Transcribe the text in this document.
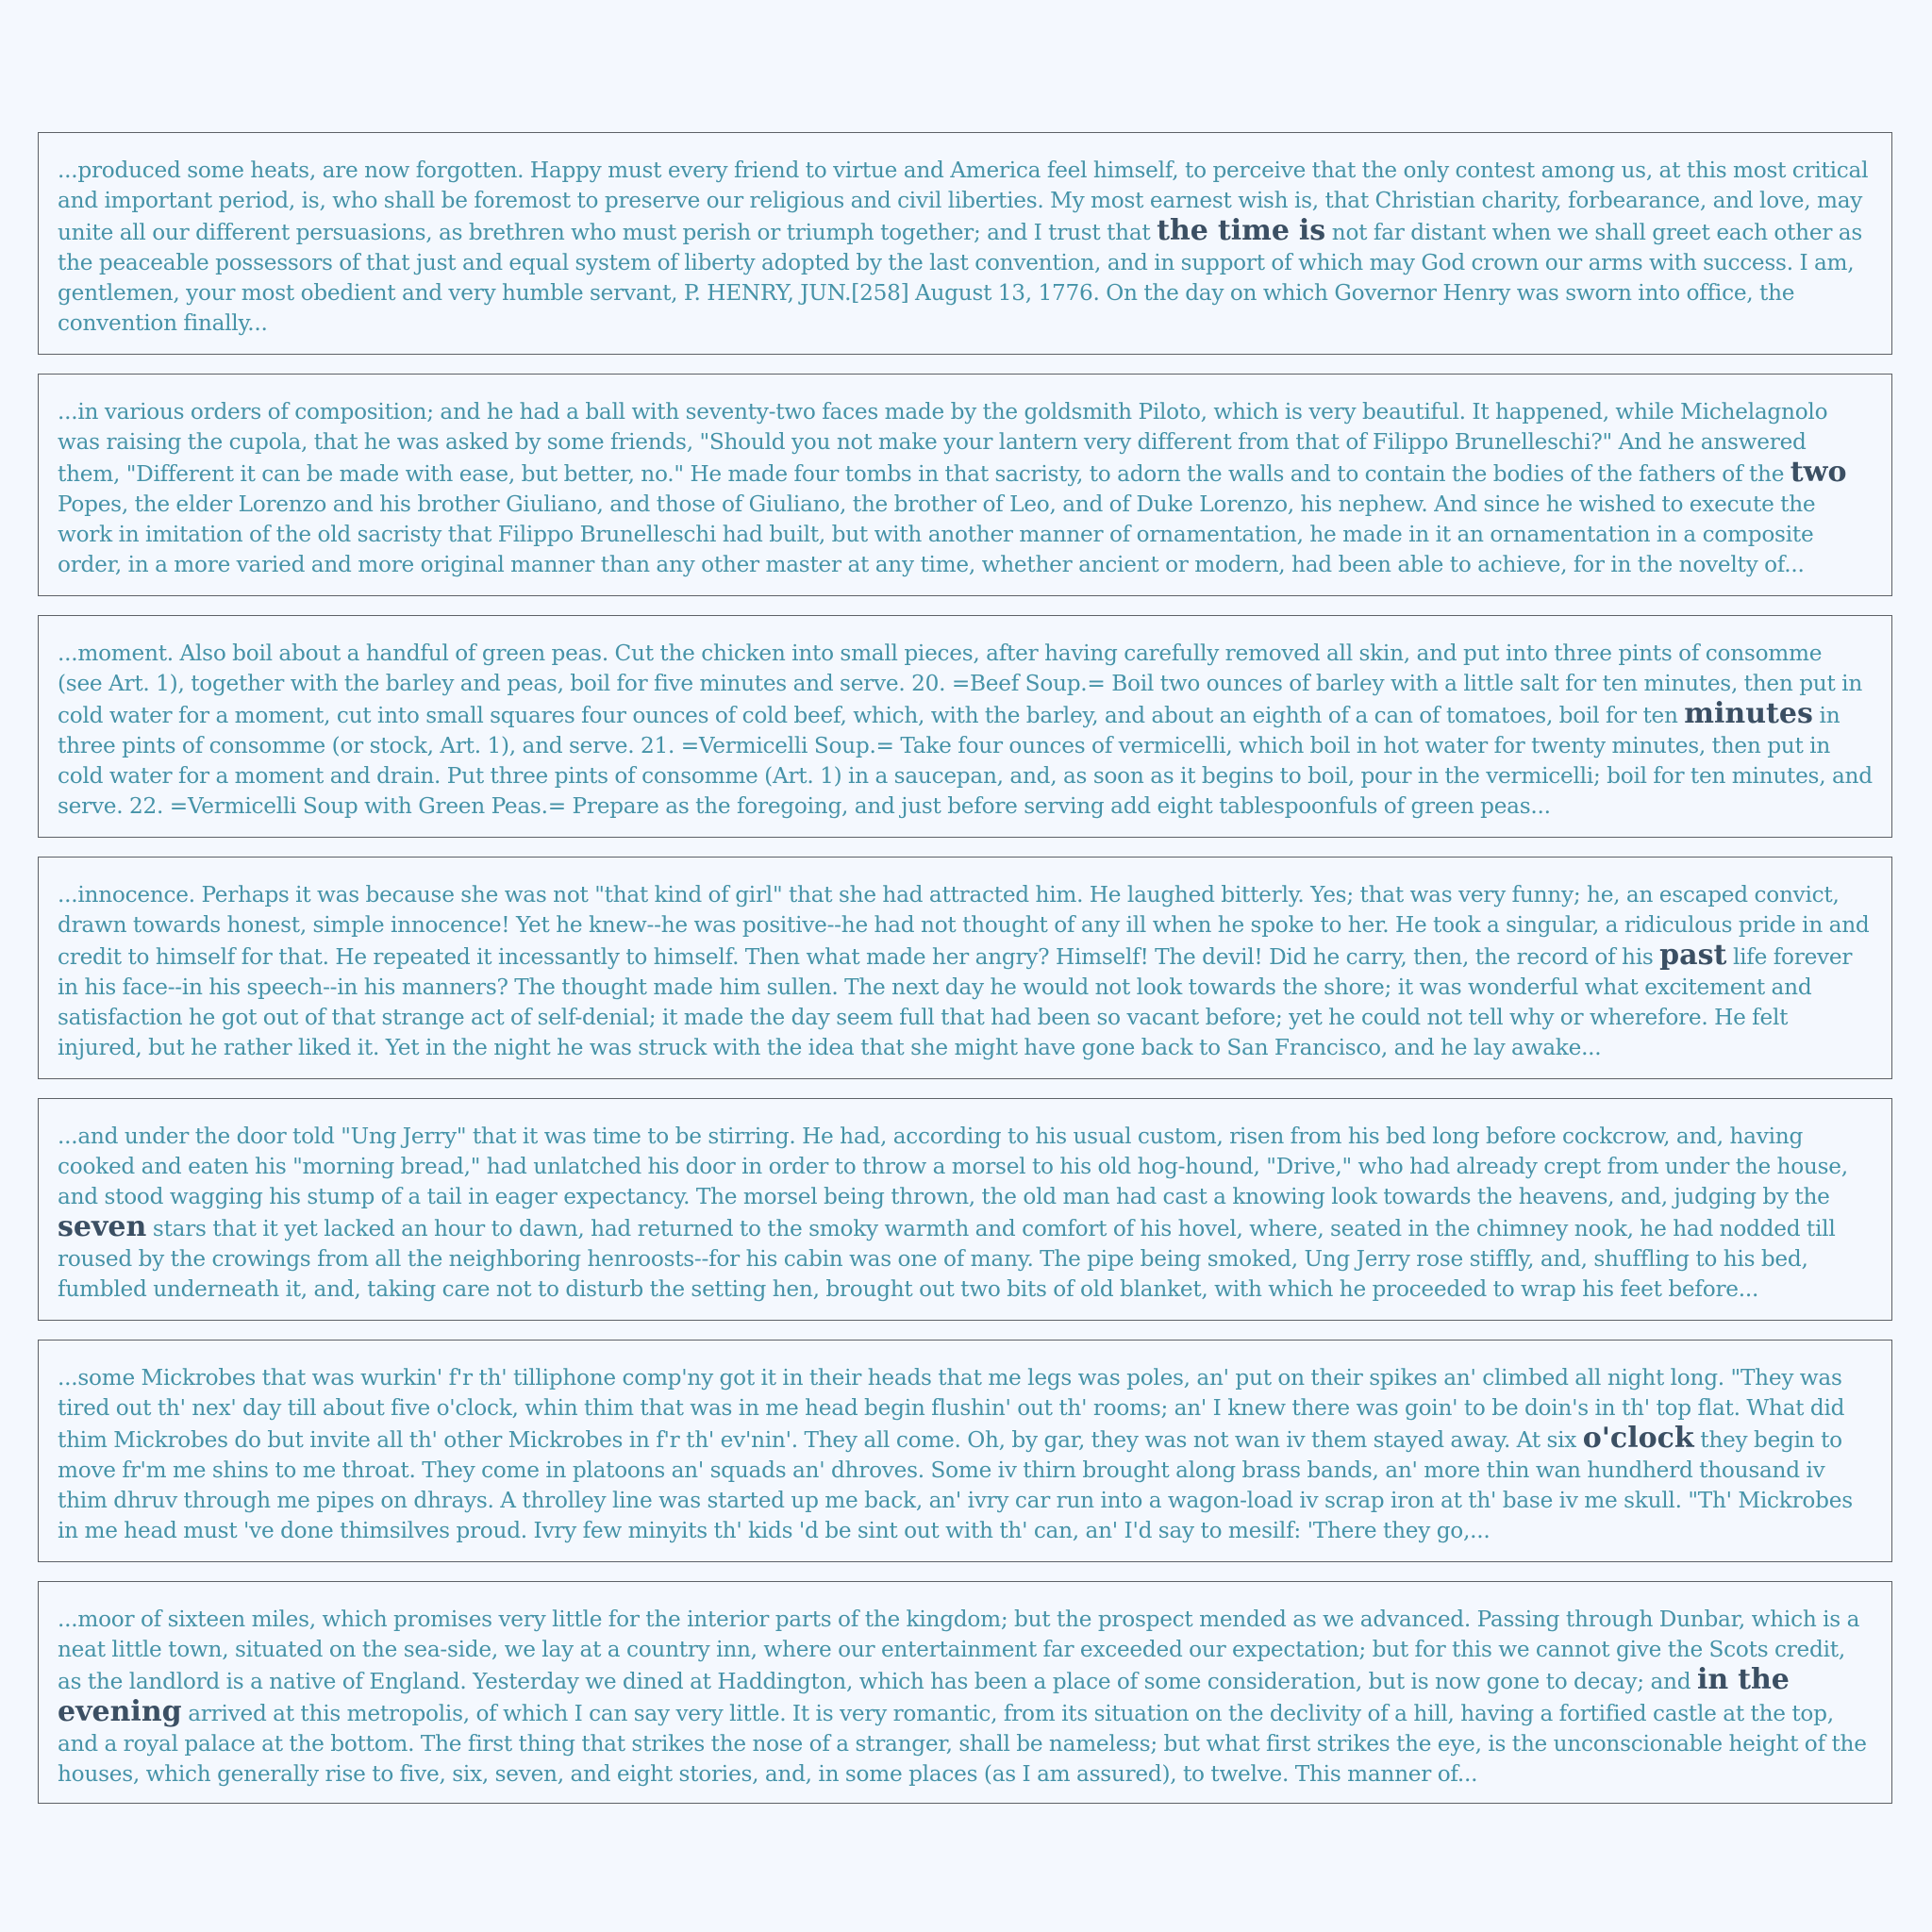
...produced some heats, are now forgotten. Happy must every friend to virtue and America feel himself, to perceive that the only contest among us, at this most critical and important period, is, who shall be foremost to preserve our religious and civil liberties. My most earnest wish is, that Christian charity, forbearance, and love, may unite all our different persuasions, as brethren who must perish or triumph together; and I trust that the time is not far distant when we shall greet each other as the peaceable possessors of that just and equal system of liberty adopted by the last convention, and in support of which may God crown our arms with success. I am, gentlemen, your most obedient and very humble servant, P. HENRY, JUN.[258] August 13, 1776. On the day on which Governor Henry was sworn into office, the convention finally...

...in various orders of composition; and he had a ball with seventy-two faces made by the goldsmith Piloto, which is very beautiful. It happened, while Michelagnolo was raising the cupola, that he was asked by some friends, "Should you not make your lantern very different from that of Filippo Brunelleschi?" And he answered them, "Different it can be made with ease, but better, no." He made four tombs in that sacristy, to adorn the walls and to contain the bodies of the fathers of the two Popes, the elder Lorenzo and his brother Giuliano, and those of Giuliano, the brother of Leo, and of Duke Lorenzo, his nephew. And since he wished to execute the work in imitation of the old sacristy that Filippo Brunelleschi had built, but with another manner of ornamentation, he made in it an ornamentation in a composite order, in a more varied and more original manner than any other master at any time, whether ancient or modern, had been able to achieve, for in the novelty of...

...moment. Also boil about a handful of green peas. Cut the chicken into small pieces, after having carefully removed all skin, and put into three pints of consomme (see Art. 1), together with the barley and peas, boil for five minutes and serve. 20. =Beef Soup.= Boil two ounces of barley with a little salt for ten minutes, then put in cold water for a moment, cut into small squares four ounces of cold beef, which, with the barley, and about an eighth of a can of tomatoes, boil for ten minutes in three pints of consomme (or stock, Art. 1), and serve. 21. =Vermicelli Soup.= Take four ounces of vermicelli, which boil in hot water for twenty minutes, then put in cold water for a moment and drain. Put three pints of consomme (Art. 1) in a saucepan, and, as soon as it begins to boil, pour in the vermicelli; boil for ten minutes, and serve. 22. =Vermicelli Soup with Green Peas.= Prepare as the foregoing, and just before serving add eight tablespoonfuls of green peas...

...innocence. Perhaps it was because she was not "that kind of girl" that she had attracted him. He laughed bitterly. Yes; that was very funny; he, an escaped convict, drawn towards honest, simple innocence! Yet he knew--he was positive--he had not thought of any ill when he spoke to her. He took a singular, a ridiculous pride in and credit to himself for that. He repeated it incessantly to himself. Then what made her angry? Himself! The devil! Did he carry, then, the record of his past life forever in his face--in his speech--in his manners? The thought made him sullen. The next day he would not look towards the shore; it was wonderful what excitement and satisfaction he got out of that strange act of self-denial; it made the day seem full that had been so vacant before; yet he could not tell why or wherefore. He felt injured, but he rather liked it. Yet in the night he was struck with the idea that she might have gone back to San Francisco, and he lay awake...

...and under the door told "Ung Jerry" that it was time to be stirring. He had, according to his usual custom, risen from his bed long before cockcrow, and, having cooked and eaten his "morning bread," had unlatched his door in order to throw a morsel to his old hog-hound, "Drive," who had already crept from under the house, and stood wagging his stump of a tail in eager expectancy. The morsel being thrown, the old man had cast a knowing look towards the heavens, and, judging by the seven stars that it yet lacked an hour to dawn, had returned to the smoky warmth and comfort of his hovel, where, seated in the chimney nook, he had nodded till roused by the crowings from all the neighboring henroosts--for his cabin was one of many. The pipe being smoked, Ung Jerry rose stiffly, and, shuffling to his bed, fumbled underneath it, and, taking care not to disturb the setting hen, brought out two bits of old blanket, with which he proceeded to wrap his feet before...

...some Mickrobes that was wurkin' f'r th' tilliphone comp'ny got it in their heads that me legs was poles, an' put on their spikes an' climbed all night long. "They was tired out th' nex' day till about five o'clock, whin thim that was in me head begin flushin' out th' rooms; an' I knew there was goin' to be doin's in th' top flat. What did thim Mickrobes do but invite all th' other Mickrobes in f'r th' ev'nin'. They all come. Oh, by gar, they was not wan iv them stayed away. At six o'clock they begin to move fr'm me shins to me throat. They come in platoons an' squads an' dhroves. Some iv thirn brought along brass bands, an' more thin wan hundherd thousand iv thim dhruv through me pipes on dhrays. A throlley line was started up me back, an' ivry car run into a wagon-load iv scrap iron at th' base iv me skull. "Th' Mickrobes in me head must 've done thimsilves proud. Ivry few minyits th' kids 'd be sint out with th' can, an' I'd say to mesilf: 'There they go,...

...moor of sixteen miles, which promises very little for the interior parts of the kingdom; but the prospect mended as we advanced. Passing through Dunbar, which is a neat little town, situated on the sea-side, we lay at a country inn, where our entertainment far exceeded our expectation; but for this we cannot give the Scots credit, as the landlord is a native of England. Yesterday we dined at Haddington, which has been a place of some consideration, but is now gone to decay; and in the evening arrived at this metropolis, of which I can say very little. It is very romantic, from its situation on the declivity of a hill, having a fortified castle at the top, and a royal palace at the bottom. The first thing that strikes the nose of a stranger, shall be nameless; but what first strikes the eye, is the unconscionable height of the houses, which generally rise to five, six, seven, and eight stories, and, in some places (as I am assured), to twelve. This manner of...
